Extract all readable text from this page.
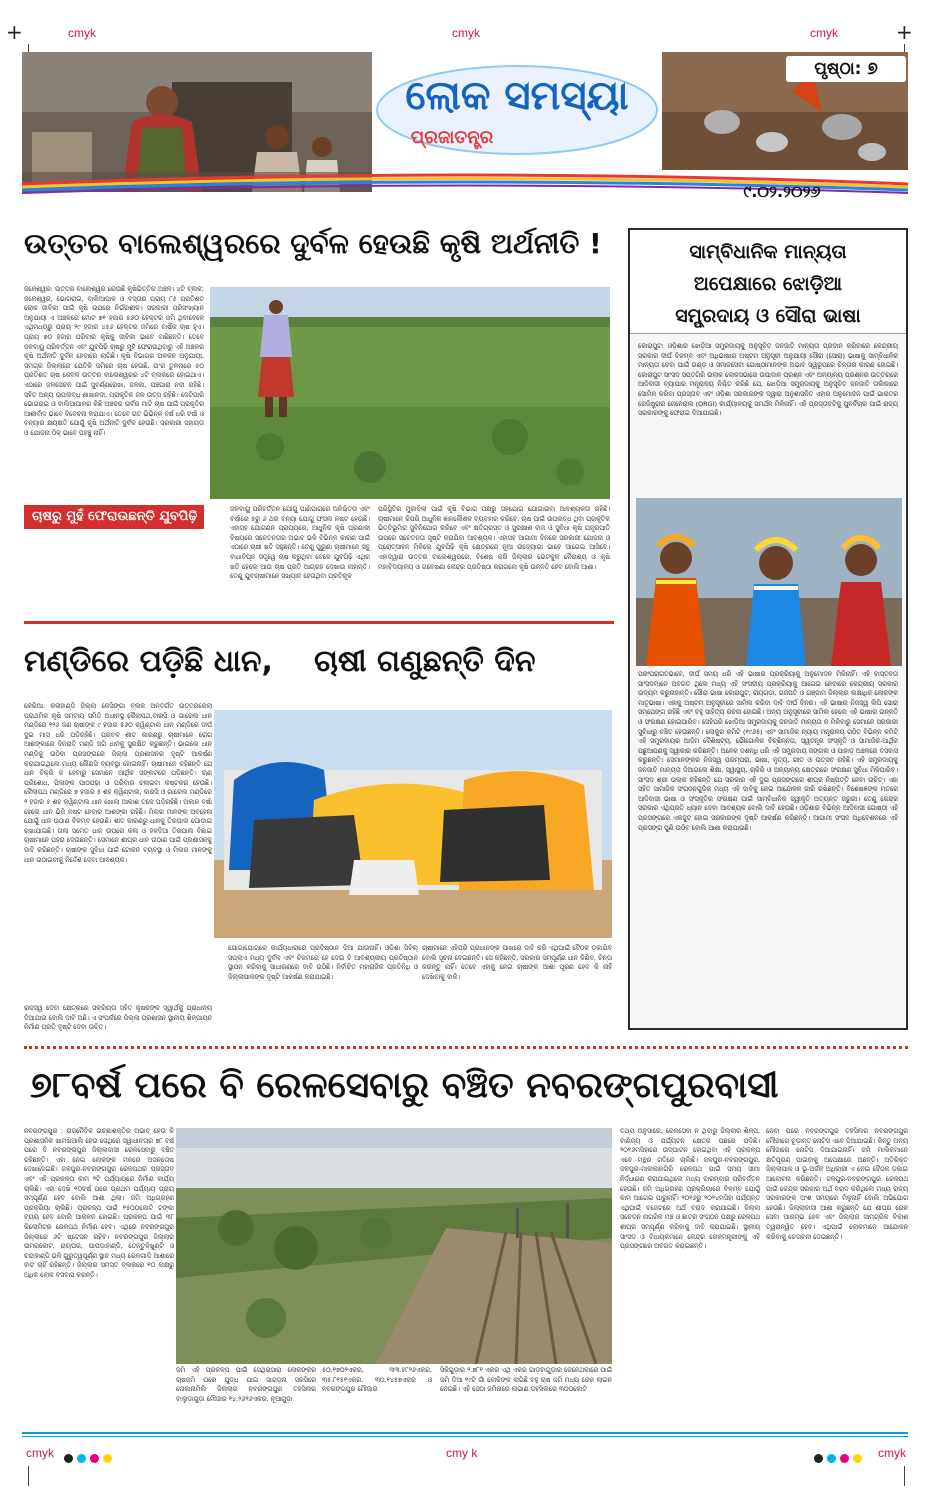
+	+
cmyk	cmyk	cmyk
ଲୋକ ସମସ୍ୟା
ପ୍ରଜାତନ୍ତ୍ର
ପୃଷ୍ଠା: ୭
୯.୦୨.୨୦୨୬
ଉତ୍ତର ବାଲେଶ୍ୱରରେ ଦୁର୍ବଳ ହେଉଛି କୃଷି ଅର୍ଥନୀତି !
ଜଳେଶ୍ୱର: ଉତ୍ତର ବାଲେଶ୍ୱର ରେଉଛି କୃଷିଭିତ୍ତିକ ଅଞ୍ଚଳ। ୪ଟି ବ୍ଲକ; ଜଳେଶ୍ୱର, ଭୋଗରାଇ, ବାଲିଆପାଳ ଓ ବସ୍ତାର ପ୍ରାୟ ୮୫ ପ୍ରତିଶତ ଲୋକ ଜୀବିକା ପାଇଁ କୃଷି ଉପରେ ନିର୍ଭରଶୀଳ। ସରକାରୀ ପରିସଂଖ୍ୟାନ ଅନୁଯାୟୀ ଏ ଅଞ୍ଚଳରେ ମୋଟ ୭୧ ହଜାର ୫୬୦ ହେକ୍ଟର ଜମି ଥିବାବେଳେ ଏଥିମଧ୍ୟରୁ ପ୍ରାୟ ୨୯ ହଜାର ୪୫୬ ହେକ୍ଟର ଜମିରେ ବାର୍ଷିକ ଚାଷ ହୁଏ। ପ୍ରାୟ ୭୦ ହଜାର ପରିବାର କୃଷିକୁ ଜୀବିକା ଭାବେ ବାଛିଛନ୍ତି। ତେବେ ଜଳବାୟୁ ପରିବର୍ତ୍ତନ ଏବଂ ଯୁବପିଢ଼ି ଚାଷରୁ ମୁହଁ ଫେରାଉଥିବାରୁ ଏହି ଅଞ୍ଚଳର କୃଷି ଅର୍ଥନୀତି ଦୁର୍ବଳ ହେବାରେ ଲାଗିଛି। କୃଷି ବିଭାଗର ଅଳକନ ଅନୁଯାୟୀ, ସମଗ୍ର ଜିଲ୍ଲାରେ ଯେତିକି ଜମିରେ ଚାଷ ହେଉଛି, ତା'ର ତୁଳନାରେ ୫୦ ପ୍ରତିଶତ ଚାଷ କେବଳ ଉତ୍ତର ବାଲେଶ୍ୱରର ୪ଟି ବ୍ଲକରେ ହୋଇଥାଏ। ଏଠାରେ ଜଳସେଚନ ପାଇଁ ସୁବର୍ଣ୍ଣରେଖା, ଜଳକା, ପଞ୍ଚପାରା ନଦୀ ରହିଛି। ସହିତ ଅନ୍ୟ ଉପଲବ୍ଧ ଶାଖାନଦୀ, ପ୍ରାକୃତିକ ଜଳ ଉତ୍ସ ରହିଛି। ଜେଟିପାରି ଭୋଗରାଇ ଓ ବାଲିଆପାଳର କିଛି ଅଞ୍ଚଳର ଉର୍ବର ମାଟି ଚାଷ ପାଇଁ ପ୍ରକୃତିର ଆଶୀର୍ବାଦ ଭାବେ ବିବେଚନା କରାଯାଏ। ତେବେ ଗତ ଭିଭିନ୍ନ ବର୍ଷ ଧରି ବର୍ଷା ଓ ବନ୍ୟାର କ୍ଷୟକ୍ଷତି ଯୋଗୁଁ କୃଷି ଅର୍ଥନୀତି ଦୁର୍ବଳ ହେଉଛି। ସରକାରୀ ସହାୟତା ଓ ଯୋଜନା ଠିକ୍ ଭାବେ ପହଞ୍ଚୁ ନାହିଁ।
ଚାଷରୁ ମୁହଁ ଫେରାଉଛନ୍ତି ଯୁବପିଢ଼ି	ଜଳବାୟୁ ପରିବର୍ତ୍ତନ ଯୋଗୁ ପାଣିପାଗରେ ଅନିଶ୍ଚିତତା ଏବଂ ବର୍ଷାରେ ୫ରୁ ୬ ଥର ବନ୍ୟା ଯୋଗୁ ଫସଲ ନଷ୍ଟ ହେଉଛି। ଏହାସହ ଯୋଗଣନ ପ୍ରାପ୍ୟରେ, ଆଧୁନିକ କୃଷି ପ୍ରଣାଳୀ ବିଷୟରେ ସଚେତନତାର ଅଭାବ ଭଳି ବିଭିନ୍ନ କାରଣ ପାଇଁ ଏଠାରେ ଚାଷୀ ଖତି ସହୁଛନ୍ତି। ତେଣୁ ପୁରୁଣା ଚାଷୀମାନେ ସବୁ ବାଧାବିଘ୍ନ ସତ୍ତ୍ୱେ ଚାଷ କରୁଥିବା ବେଳେ ଯୁବପିଢ଼ି ଏଥିର ଖତି ହେଲେ ଆଉ ଚାଷ ପ୍ରତି ଆଗ୍ରହ ଦେଖାଉ ନାହାନ୍ତି। ତେଣୁ ଯୁବଚାଷୀମାନେ ସଖ୍ୟାନ ହେଉଥିବା ପ୍ରତିକୂଳ
ପରିସ୍ଥିତିର ମୁକାବିଲା ପାଇଁ କୃଷି ବିଭାଗ ପକ୍ଷରୁ ସହଯୋଗ ଯୋଗାଇବା ଆବଶ୍ୟକତା ରହିଛି। ଚାଷୀମାନେ କିପରି ଆଧୁନିକ ଜ୍ଞାନକୌଶଳ ବ୍ୟବହାର କରିବେ, ଚାଷ ପାଇଁ ଉପଲବ୍ଧ ଥିବା ପ୍ରାକୃତିକ ଭିତ୍ତିଭୂମିର ସୁବିନିଯୋଗ କରିବେ ଏବଂ କ୍ଷତିଗ୍ରସ୍ତ ଓ ସୁରକ୍ଷାଶ ବୀଜ ଓ ସୁବିଧା କୃଷି ଯନ୍ତ୍ରପାତି ଉପରେ ସଚେତନତା ସୃଷ୍ଟି କରାଯିବା ଆବଶ୍ୟକ। ଏହାସହ ଆଗାମୀ ଦିନରେ ସରକାରୀ ଯୋଜନା ଓ ପ୍ରୋତ୍ସାହନ ମିଳିଲେ ଯୁବପିଢ଼ି କୃଷି କ୍ଷେତ୍ରରେ ନୂଆ ଉଦ୍ୟୋଗୀ ଭାବେ ଆଗେଇ ଆସିବେ। ଏହାଦ୍ୱାରା ଉତ୍ତର ବାଲେଶ୍ୱରରେ, ବିଶେଷ କରି ଜିଲ୍ଲାର ଭେଟକୁଳ ନୈରାଶ୍ୟ ଓ କୃଷି ମହାବିଦ୍ୟାଳୟ ଓ ଗବେଷଣା କେନ୍ଦ୍ର ପ୍ରତିଷ୍ଠା କରାଗଲେ କୃଷି ଉନ୍ନତି ହେବ ବୋଲି ଆଶା।
ସାମ୍ବିଧାନିକ ମାନ୍ୟତା
ଅପେକ୍ଷାରେ ଝୋଡ଼ିଆ
ସମ୍ପ୍ରଦାୟ ଓ ସୌରା ଭାଷା
କୋରାପୁଟ: ଓଡ଼ିଶାର ଝୋଡ଼ିଆ ସମ୍ପ୍ରଦାୟକୁ ଅନୁସୂଚିତ ଜନଜାତି ମାନ୍ୟତା ପ୍ରଦାନ କରିବାରେ କେନ୍ଦ୍ରୀୟ ସରକାର ଦୀର୍ଘ ବିଳମ୍ବ ଏବଂ ଅଧିଭାଷାର ଅଷ୍ଟମ ଅନୁସୂଚୀ ଅନୁଯାୟୀ ସୌରା (ସୋରା) ଭାଷାକୁ ସାମ୍ବିଧାନିକ ମାନ୍ୟତା ଦେବା ପାଇଁ ଗଣ୍ଡ ଓ ସମାଜସେବୀ ଗୋଷ୍ଠୀମାନଙ୍କ ଅଭାବ ସ୍ୱରୂପରେ ଚିନ୍ତାର କାରଣ ହୋଇଛି। କୋରାପୁଟ ସାଂସଦ ସପ୍ତଗିରି ଉଲାକ ଲୋକସଭାରେ ଉପାଦାନ ପ୍ରଶ୍ନ ଏବଂ ଅନ୍ୟାନ୍ୟ ପ୍ରଶ୍ନର ଉତ୍ତରରେ ଆଦିବାସୀ ବ୍ୟାପାର ମନ୍ତ୍ରାଳୟ ନିଶ୍ଚିତ କରିଛି ଯେ, ଝୋଡ଼ିଆ ସମ୍ପ୍ରଦାୟକୁ ଅନୁସୂଚିତ ଜନଜାତି ତାଲିକାରେ ସୋମିଳ କରିବା ପ୍ରସ୍ତାବ ଏବଂ ଓଡ଼ିଶା ସରକାରଙ୍କ ଦ୍ୱାରା ଅନୁଶାସନିତ ଏହାର ଅନୁମୋଦନ ପାଇଁ ଭାରତର ରେଜିଷ୍ଟ୍ରାର ଜେନେରାଲ (ORGI) କାର୍ଯ୍ୟାଳୟକୁ ସମର୍ଥନ ମିଳିନାହିଁ। ଏହି ପ୍ରସ୍ତାବଟିକୁ ପୁନର୍ବିଚାର ପାଇଁ ରାଜ୍ୟ ସରକାରଙ୍କୁ ଫେରାଇ ଦିଆଯାଇଛି।
ପରଂପରାଗତଭାବେ, ଦୀର୍ଘ ସମୟ ଧରି ଏହି ଭାଷାର ପ୍ରକ୍ରିୟାକୁ ଅନୁମୋଦନ ମିଳିନାହିଁ। ଏହି ବାସ୍ତବତା ସାଂସଦମାନେ ଅବଗତ ଥିଲେ ମଧ୍ୟ ଏହି ସଂସଦୀୟ ପ୍ରକ୍ରିୟାକୁ ଆଗେଇ ନେବାରେ କେନ୍ଦ୍ରୀୟ ସରକାର ଉଦ୍ୟମ କରୁନାହାନ୍ତି। ସୌରା ଭାଷା କୋରାପୁଟ, ରାୟଗଡ଼ା, ଗଜପତି ଓ ଗଞ୍ଜାମ ଜିଲ୍ଲାର ଲକ୍ଷାଧିକ ଲୋକଙ୍କ ମାତୃଭାଷା। ଏହାକୁ ଅଷ୍ଟମ ଅନୁସୂଚୀରେ ସାମିଲ କରିବା ଦାବି ଦୀର୍ଘ ଦିନର। ଏହି ଭାଷାର ନିଜସ୍ୱ ଲିପି ସୋରା ସମ୍ପେଙ୍ଗ ରହିଛି ଏବଂ ବହୁ ସାହିତ୍ୟ ରଚନା ହୋଇଛି। ଅନ୍ୟ ଅନୁସୂଚୀରେ ସାମିଲ ହେଲେ ଏହି ଭାଷାର ଉନ୍ନତି ଓ ସଂରକ୍ଷଣ ହୋଇପାରିବ। ସେହିପରି ଝୋଡ଼ିଆ ସମ୍ପ୍ରଦାୟକୁ ଜନଜାତି ମାନ୍ୟତା ନ ମିଳିବାରୁ ସେମାନେ ସରକାରୀ ସୁବିଧାରୁ ବଞ୍ଚିତ ହେଉଛନ୍ତି। ଲୋକୁର କମିଟି (୧୯୬୫) ଏବଂ ସାମାଜିକ ନ୍ୟାୟ ମନ୍ତ୍ରାଳୟ ଗଠିତ ବିଭିନ୍ନ କମିଟି ଏହି ସମ୍ପ୍ରଦାୟର ଆଦିମ ବୈଶିଷ୍ଟ୍ୟ, ଭୌଗୋଳିକ ବିଚ୍ଛିନ୍ନତା, ସ୍ୱତନ୍ତ୍ର ସଂସ୍କୃତି ଓ ସାମାଜିକ-ଆର୍ଥିକ ପଛୁଆପଣକୁ ସ୍ୱୀକାର କରିଛନ୍ତି। ଅନେକ ଦଶନ୍ଧି ଧରି ଏହି ସମ୍ପ୍ରଦାୟ ଜଙ୍ଗଲ ଓ ପାହାଡ଼ ଅଞ୍ଚଳରେ ବସବାସ କରୁଛନ୍ତି। ସେମାନଙ୍କର ନିଜସ୍ୱ ପରମ୍ପରା, ଭାଷା, ନୃତ୍ୟ, ଗୀତ ଓ ଉତ୍ସବ ରହିଛି। ଏହି ସମ୍ପ୍ରଦାୟକୁ ଜନଜାତି ମାନ୍ୟତା ଦିଆଗଲେ ଶିକ୍ଷା, ସ୍ୱାସ୍ଥ୍ୟ, ଚାକିରି ଓ ଅନ୍ୟାନ୍ୟ କ୍ଷେତ୍ରରେ ସଂରକ୍ଷଣ ସୁବିଧା ମିଳିପାରିବ। ସାଂସଦ ଶ୍ରୀ ଉଲାକ କହିଛନ୍ତି ଯେ ସରକାର ଏହି ଦୁଇ ପ୍ରସଙ୍ଗରେ ଶୀଘ୍ର ନିଷ୍ପତ୍ତି ନେବା ଉଚିତ୍। ଏହା ସହିତ ସାମାଜିକ ସଂଗଠନଗୁଡ଼ିକ ମଧ୍ୟ ଏହି ଦାବିକୁ ନେଇ ଆନ୍ଦୋଳନ ଜାରି ରଖିଛନ୍ତି। ବିଶେଷଜ୍ଞଙ୍କ ମତରେ ଆଦିବାସୀ ଭାଷା ଓ ସଂସ୍କୃତିର ସଂରକ୍ଷଣ ପାଇଁ ସାମ୍ବିଧାନିକ ସ୍ୱୀକୃତି ଅତ୍ୟନ୍ତ ଜରୁରୀ। ତେଣୁ କେନ୍ଦ୍ର ସରକାର ଏଥିପ୍ରତି ଧ୍ୟାନ ଦେବା ଆବଶ୍ୟକ ବୋଲି ଦାବି ହେଉଛି। ଓଡ଼ିଶାର ବିଭିନ୍ନ ଆଦିବାସୀ ଗୋଷ୍ଠୀ ଏହି ପ୍ରସଙ୍ଗରେ ଏକଜୁଟ ହୋଇ ସରକାରଙ୍କ ଦୃଷ୍ଟି ଆକର୍ଷଣ କରିଛନ୍ତି। ଆଗାମୀ ସଂସଦ ଅଧିବେଶନରେ ଏହି ପ୍ରସଙ୍ଗ ପୁଣି ଉଠିବ ବୋଲି ଆଶା କରାଯାଉଛି।
ମଣ୍ଡିରେ ପଡ଼ିଛି ଧାନ,	ଚାଷୀ ଗଣୁଛନ୍ତି ଦିନ
କେରିଆ: କଳାହାଣ୍ଡି ଜିଲ୍ଲା କେସିଙ୍ଗା ବ୍ଲକ ଅନ୍ତର୍ଗତ ଉତ୍ତରକେଲା ପ୍ରାଥମିକ କୃଷି ସମବାୟ ସମିତି ଅଧୀନସ୍ଥ କୈଲାପଥ,ବାରସି ଓ ଗାରେଲ ଧାନ ମଣ୍ଡିରେ ୧୨୬ ଜଣ ଚାଷୀଙ୍କ ୯ ହଜାର ୫୬୦ କ୍ୱିଣ୍ଟାଲ ଧାନ ମଣ୍ଡିରେ ଦୀର୍ଘ ଦୁଇ ମାସ ଧରି ପଡ଼ିରହିଛି। ପ୍ରବଳ ଶୀତ କାରଣରୁ ଚାଷୀମାନେ ରୋଗ ଆଶଙ୍କାରେ ଦିନରାତି ମଣ୍ଡି ଜଗି ଧାନକୁ ସୁରକ୍ଷିତ କରୁଛନ୍ତି। ଭାଇଲେ ଧାନ ମଣ୍ଡିକୁ ଉଠିବା ପ୍ରସଙ୍ଗରେ ଜିଲ୍ଲା ପ୍ରଶାସନର ଦୃଷ୍ଟି ଆକର୍ଷଣ କରାଯାଇଥିଲେ ମଧ୍ୟ କୌଣସି ବ୍ୟବସ୍ଥା ହୋଇନାହିଁ। ଚାଷୀମାନେ କହିଛନ୍ତି ଯେ ଧାନ ବିକ୍ରି ନ ହେବାରୁ ସେମାନେ ଆର୍ଥିକ ସଙ୍କଟରେ ପଡ଼ିଛନ୍ତି। ଋଣ ପରିଶୋଧ, ପିଲାଙ୍କ ପାଠପଢ଼ା ଓ ପରିବାର ଚଳାଇବା କଷ୍ଟକର ହେଉଛି। କୈଲାପଥ ମଣ୍ଡିରେ ୭ ହଜାର ୫ ଶହ କ୍ୱିଣ୍ଟାଲ, ବାରସି ଓ ଗାରେଲ ମଣ୍ଡିରେ ୨ ହଜାର ୫ ଶହ କ୍ୱିଣ୍ଟାଲ ଧାନ ଖୋଲା ଆକାଶ ତଳେ ପଡ଼ିରହିଛି। ଅକାଳ ବର୍ଷା ହେଲେ ଧାନ ଭିଜି ନଷ୍ଟ ହେବାର ଆଶଙ୍କା ରହିଛି। ମିଲର ମାନଙ୍କ ଅବହେଳା ଯୋଗୁଁ ଧାନ ଉଠାଣ ବିଳମ୍ବ ହେଉଛି। ଶୀତ କାରଣରୁ ଧାନକୁ ତିରପାଲ ଘୋଡ଼ାଇ ରଖାଯାଇଛି। ତାଲା ସମେତ ଧାନ ଉପରେ କଳା ଓ ହଳଦିଆ ତିରପାଲ ବିଛାଇ ଚାଷୀମାନେ ପହରା ଦେଉଛନ୍ତି। ସେମାନେ ଶୀଘ୍ର ଧାନ ଉଠାଣ ପାଇଁ ପ୍ରଶାସନକୁ ଦାବି କରିଛନ୍ତି। ଚାଷୀଙ୍କ ସୁବିଧା ପାଇଁ ଟୋକନ ବ୍ୟବସ୍ଥା ଓ ମିଲର ମାନଙ୍କୁ ଧାନ ଉଠାଇବାକୁ ନିର୍ଦ୍ଦେଶ ଦେବା ଆବଶ୍ୟକ।
ରାଜସ୍ୱ ଦେବା କ୍ଷେତ୍ରରେ ସକ୍ରିୟତା ସହିତ କୃଷକଙ୍କ ସ୍ୱାର୍ଥକୁ ପ୍ରାଧାନ୍ୟ ଦିଆଯାଉ ବୋଲି ଦାବି ଅଛି। ଏ ସଂପର୍କରେ ଜିଲ୍ଲା ପ୍ରଶାସନ ସ୍ଥାନୀୟ ଶିଳ୍ପାୟନ ନିର୍ମାଣ ପ୍ରତି ଦୃଷ୍ଟି ଦେବା ଉଚିତ।
ଯୋଗାଯୋଗରେ କାର୍ଯ୍ୟଧାରାରେ ପ୍ରତିଷ୍ଠାନ ଦିଆ ଯାଉନାହିଁ। ଓଡ଼ିଶା ସିବିଲ୍ ସପ୍ଲାଏ ମଧ୍ୟ ଦୁର୍ବଳ ଏବଂ ଚିଳମରେ ହେ ଦେଇ ବି ଆବଶ୍ୟକୀୟ ପ୍ରତିଷ୍ଠାନ ସ୍ଥାପନ କରିବାକୁ ସାଧାରଣରେ ଦାବି ଉଠିଛି। ନିର୍ବାଚିତ ମହାରାଜିକ ପ୍ରତିନିଧି ଓ ଜିଲ୍ଲାପାଳଙ୍କ ଦୃଷ୍ଟି ଆକର୍ଷଣ କରାଯାଇଛି।
ଚାଷୀମାନେ ଏହିପରି ପ୍ରଧାନଙ୍କ ପାଖରେ ଦାବି କରି ଏଥିପାଇଁ ବୈଠକ ଡ଼କାଯିବ ବୋଲି ସୂଚନା ଦେଇଛନ୍ତି। ସେ କହିଛନ୍ତି, ସରକାର ସମ୍ପୂର୍ଣ୍ଣ ଧାନ କିଣିବ, ଚିନ୍ତା କରନ୍ତୁ ନାହିଁ। ତେବେ ଏହାକୁ ନେଇ ଚାଷୀଙ୍କ ଆଶା ପୂରଣ ହେବ କି ନାହିଁ ଦେଖିବାକୁ ବାକି।
୭୮ବର୍ଷ ପରେ ବି ରେଳସେବାରୁ ବଞ୍ଚିତ ନବରଙ୍ଗପୁରବାସୀ
ନବରଙ୍ଗପୁର : ରାଜନୈତିକ ଇଚ୍ଛାଶକ୍ତିର ଅଭାବ ହେଉ କି ପ୍ରଶାସନିକ ଖାମଖିଆଲି ହେଉ ସେଥିରେ ସ୍ୱାଧୀନତାର ୭୮ ବର୍ଷ ପରେ ବି ନବରଙ୍ଗପୁର ଜିଲ୍ଲାବାସୀ ରେଳସେବାରୁ ବଞ୍ଚିତ ରହିଛନ୍ତି। ଏହା ନେଇ ଲୋକଙ୍କ ମନରେ ଅସନ୍ତୋଷ ଦେଖାଦେଇଛି। ଜଳପୁର-ନବରଙ୍ଗପୁର ରେଳପଥର ପ୍ରସ୍ତାବ ଏବଂ ଏହି ପ୍ରକଳ୍ପ କାମ ୨ଟି ପର୍ଯ୍ୟାୟରେ ନିର୍ମାଣ କାର୍ଯ୍ୟ ଚାଲିଛି। ଏହା ଦେଖି ୧୦ବର୍ଷ ପରେ ପ୍ରଥମ ପର୍ଯ୍ୟାୟ ପ୍ରାୟ ସମ୍ପୂର୍ଣ୍ଣ ହେବ ବୋଲି ଆଶା ଥିଲା। ଜମି ଅଧିଗ୍ରହଣ ପ୍ରକ୍ରିୟା ଚାଲିଛି। ପ୍ରକଳ୍ପ ପାଇଁ ୧୫୦୦କୋଟି ଟଙ୍କା ବ୍ୟୟ ହେବ ବୋଲି ଆକଳନ ହୋଇଛି। ପ୍ରକଳ୍ପ ପାଇଁ ୩୮ କିଲୋମିଟର ରେଳପଥ ନିର୍ମାଣ ହେବ। ଏଥିରେ ନବରଙ୍ଗପୁର ଜିଲ୍ଲାରେ ୬ଟି ଷ୍ଟେସନ ରହିବ। ନବରଙ୍ଗପୁର ଜିଲ୍ଲାର ଉମରକୋଟ, ରାୟଘର, ପାପଡ଼ାହାଣ୍ଡି, ତେନ୍ତୁଳିଖୁଣ୍ଟି ଓ ଚନ୍ଦାହାଣ୍ଡି ଭଳି ଗୁରୁତ୍ୱପୂର୍ଣ୍ଣ ସ୍ଥାନ ମଧ୍ୟ ରେଳଗାଡ଼ି ଆଶାରେ ବାଟ ଚାହିଁ ରହିଛନ୍ତି। ଜିଲ୍ଲାର ସମସ୍ତ ବ୍ଲକରେ ୧୦ ଲକ୍ଷରୁ ଅଧିକ ଲୋକ ବସବାସ କରନ୍ତି।
ଜମି ଏହି ପ୍ରକଳ୍ପ ପାଇଁ ସେଥିରାସାରା ଲୋକଙ୍କର ଚାଷଜମି ଘରେ ଯୁଦ୍ଧ ଯାଇ ସାଗଡ଼ନା ସରସିରେ ନୋକାନାମିଲି ଜିଲ୍ଲାର ନବରଙ୍ଗପୁର ତହସିଲର ବାଲୁଡ଼ାଗୁଡ଼ା ମୌଜାର ୧୪.୨୬୨୬ଏକର, ନୂଆଗୁଡ଼ା
୫୦.୧୭୦୨ଏକର, ୩୩.୫୮୨୬ଏକର, ୩୫.୮୧୫୧ଏକର, ୩୦.୧୪୫୭ଏକର ଓ ନବରଙ୍ଗପୁର ମୌଜାର
ସିକିଗୁଡ଼ାର ୨.୭୮୧ ଏକର ଏଥି ଏକର ଗାଡ଼ବାଗୁଡ଼ାର ଜେନେଥକାରେ ପାଇଁ ଜମି ଡିଆ ୧୯ଟି ଗାଁ ଲୋକିଙ୍କ ଲାଗିଛି ବହୁ ଚାଷ ଜମି ମଧ୍ୟ ରେଳ ଲାଇନ ନେଇଛି। ଏହି ସେଠା ଜମିନାରେ ଲଭାଣ ଡହସିଲରେ ୩୦୦କୋଟି
ତଥ୍ୟ ଅନୁସାରେ, ରେଳସେବା ନ ଥିବାରୁ ଜିଲ୍ଲାର ଶିଳ୍ପ, ବାଣିଜ୍ୟ ଓ ପର୍ଯ୍ୟଟନ କ୍ଷେତ୍ର ପଛରେ ପଡ଼ିଛି। ୨୦୧୬ମସିହାରେ ଉଦ୍‌ଘାଟନ ହୋଇଥିବା ଏହି ପ୍ରକଳ୍ପ ଏବେ ମନ୍ଥର ଗତିରେ ଚାଲିଛି। ଜଳପୁର-ନବରଙ୍ଗପୁର, ଜଳପୁର-ମାଲକାନଗିରି ରେଳପଥ ପାଇଁ ସମୟ ସୀମା ନିର୍ଦ୍ଧାରଣ କରାଯାଇଥିଲେ ମଧ୍ୟ ବାରମ୍ବାର ପରିବର୍ତ୍ତନ ହେଉଛି। ଜମି ଅଧିଗ୍ରହଣ ପ୍ରକ୍ରିୟାରେ ବିଳମ୍ବ ଯୋଗୁଁ କାମ ଆଗେଇ ପାରୁନାହିଁ। ୨୦୧୬ରୁ ୨୦୨୪ମସିହା ପର୍ଯ୍ୟନ୍ତ ଏଥିପାଇଁ ବଜେଟରେ ଅର୍ଥ ବରାଦ କରାଯାଇଛି। ଜିଲ୍ଲା ସଚେତନ ନାଗରିକ ମଞ୍ଚ ଓ ଛାତ୍ର ସଂଗଠନ ପକ୍ଷରୁ ରେଳପଥ ଶୀଘ୍ର ସମ୍ପୂର୍ଣ୍ଣ କରିବାକୁ ଦାବି କରାଯାଇଛି। ସ୍ଥାନୀୟ ସାଂସଦ ଓ ବିଧାୟକମାନେ କେନ୍ଦ୍ର ରେଳମନ୍ତ୍ରୀଙ୍କୁ ଏହି ପ୍ରସଙ୍ଗରେ ଅବଗତ କରାଇଛନ୍ତି।
ନେବା ପରେ ନବରଙ୍ଗପୁର ତହସିଲର ନବରଙ୍ଗପୁର ମୌଜାରେ ଚୂଡ଼ାନ୍ତ ନୋଟିସ ଏବେ ଦିଆଯାଇଛି। କିନ୍ତୁ ଅନ୍ୟ ମୌଜାରେ ନୋଟିସ ଦିଆଯାଇନାହିଁ। ଜମି ମାଲିକମାନେ କ୍ଷତିପୂରଣ ପାଇବାକୁ ଅପେକ୍ଷାରେ ଅଛନ୍ତି। ଅତିରିକ୍ତ ଜିଲ୍ଲାପାଳ ଓ ଭୂ-ଅର୍ଜନ ଅଧିକାରୀ ଏ ନେଇ ବୈଠକ ଡ଼କାଇ ଆଲୋଚନା କରିଛନ୍ତି। ଜଳପୁର-ନବରଙ୍ଗପୁର ରେଳପଥ ପାଇଁ କେନ୍ଦ୍ର ସରକାର ଅର୍ଥ ବରାଦ କରିଥିଲେ ମଧ୍ୟ ରାଜ୍ୟ ସରକାରଙ୍କ ଅଂଶ ସମୟରେ ମିଳୁନାହିଁ ବୋଲି ଅଭିଯୋଗ ହେଉଛି। ଜିଲ୍ଲାବାସୀ ଆଶା କରୁଛନ୍ତି ଯେ ଶୀଘ୍ର ରେଳ ସେବା ଆରମ୍ଭ ହେବ ଏବଂ ଜିଲ୍ଲାର ସାମଗ୍ରିକ ବିକାଶ ତ୍ୱରାନ୍ୱିତ ହେବ। ଏଥିପାଇଁ ଲୋକମାନେ ଆନ୍ଦୋଳନ କରିବାକୁ ଚେତାବନୀ ଦେଇଛନ୍ତି।
cmyk	cmy k	cmyk
